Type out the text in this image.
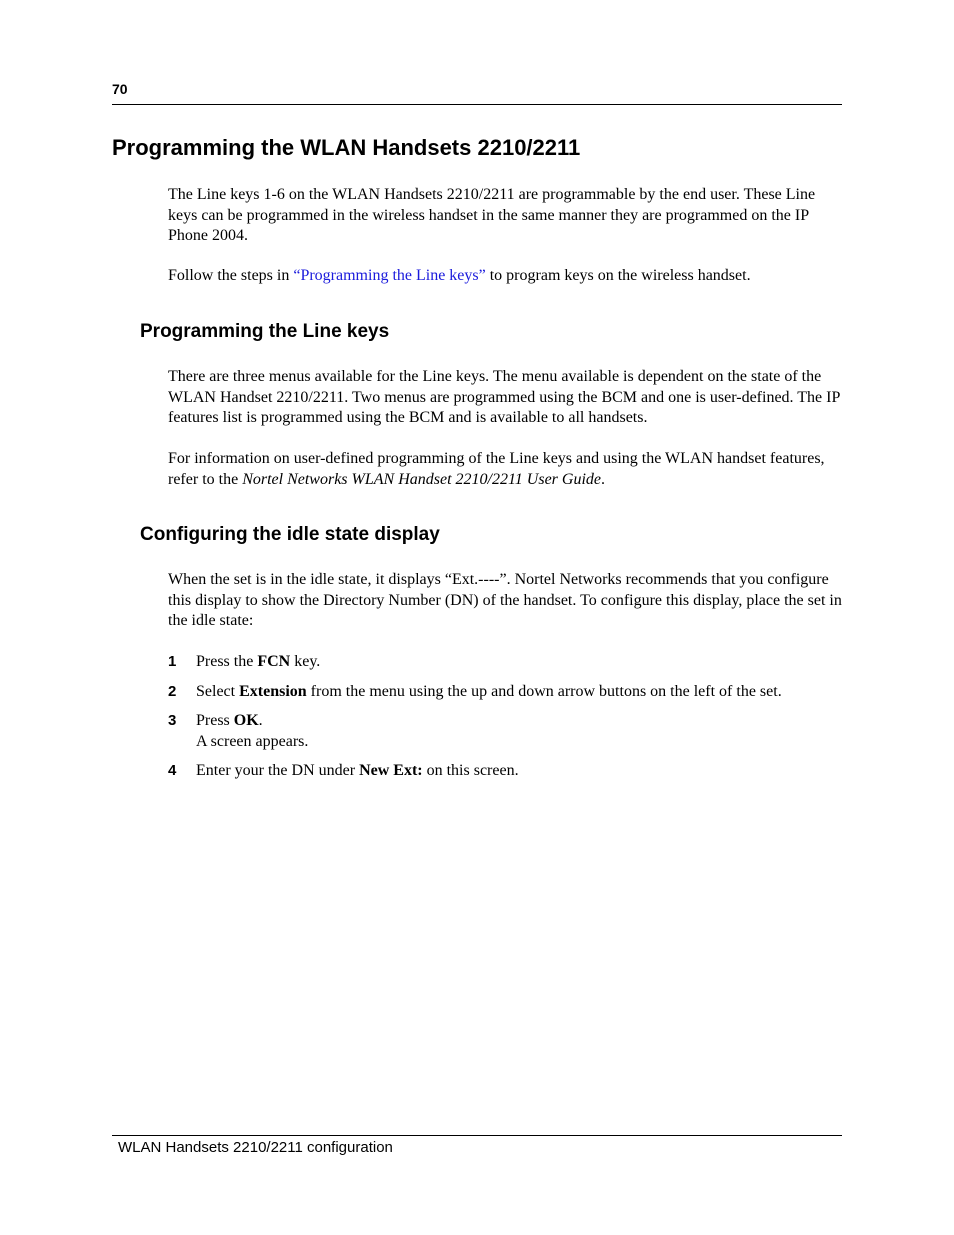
70
Programming the WLAN Handsets 2210/2211

The Line keys 1-6 on the WLAN Handsets 2210/2211 are programmable by the end user. These Line keys can be programmed in the wireless handset in the same manner they are programmed on the IP Phone 2004.

Follow the steps in “Programming the Line keys” to program keys on the wireless handset.

Programming the Line keys

There are three menus available for the Line keys. The menu available is dependent on the state of the WLAN Handset 2210/2211. Two menus are programmed using the BCM and one is user-defined. The IP features list is programmed using the BCM and is available to all handsets.

For information on user-defined programming of the Line keys and using the WLAN handset features, refer to the Nortel Networks WLAN Handset 2210/2211 User Guide.

Configuring the idle state display

When the set is in the idle state, it displays “Ext.----”. Nortel Networks recommends that you configure this display to show the Directory Number (DN) of the handset. To configure this display, place the set in the idle state:

1 Press the FCN key.
2 Select Extension from the menu using the up and down arrow buttons on the left of the set.
3 Press OK.
A screen appears.
4 Enter your the DN under New Ext: on this screen.
WLAN Handsets 2210/2211 configuration
